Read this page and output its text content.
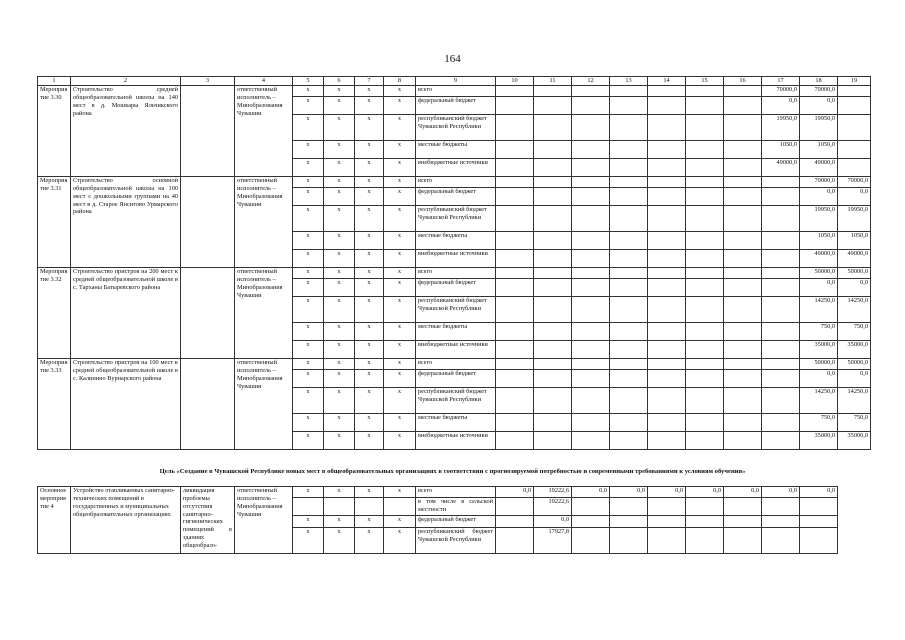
164
1	2	3	4	5	6	7	8	9	10	11	12	13	14	15	16	17	18	19
Мероприятие 3.30	Строительство средней общеобразовательной школы на 140 мест в д. Мошкары Яльчикского района		ответственный исполнитель – Минобразования Чувашии	x	x	x	x	всего								70000,0	70000,0	
				x	x	x	x	федеральный бюджет								0,0	0,0	
				x	x	x	x	республиканский бюджет Чувашской Республики								19950,0	19950,0	
				x	x	x	x	местные бюджеты								1050,0	1050,0	
				x	x	x	x	внебюджетные источники								49000,0	49000,0	
Мероприятие 3.31	Строительство основной общеобразовательной школы на 100 мест с дошкольными группами на 40 мест в д. Старое Янситово Урмарского района		ответственный исполнитель – Минобразования Чувашии	x	x	x	x	всего									70000,0	70000,0
				x	x	x	x	федеральный бюджет									0,0	0,0
				x	x	x	x	республиканский бюджет Чувашской Республики									19950,0	19950,0
				x	x	x	x	местные бюджеты									1050,0	1050,0
				x	x	x	x	внебюджетные источники									49000,0	49000,0
Мероприятие 3.32	Строительство пристроя на 200 мест к средней общеобразовательной школе в с. Тарханы Батыревского района		ответственный исполнитель – Минобразования Чувашии	x	x	x	x	всего									50000,0	50000,0
				x	x	x	x	федеральный бюджет									0,0	0,0
				x	x	x	x	республиканский бюджет Чувашской Республики									14250,0	14250,0
				x	x	x	x	местные бюджеты									750,0	750,0
				x	x	x	x	внебюджетные источники									35000,0	35000,0
Мероприятие 3.33	Строительство пристроя на 100 мест к средней общеобразовательной школе в с. Калинино Вурнарского района		ответственный исполнитель – Минобразования Чувашии	x	x	x	x	всего									50000,0	50000,0
				x	x	x	x	федеральный бюджет									0,0	0,0
				x	x	x	x	республиканский бюджет Чувашской Республики									14250,0	14250,0
				x	x	x	x	местные бюджеты									750,0	750,0
				x	x	x	x	внебюджетные источники									35000,0	35000,0
Цель «Создание в Чувашской Республике новых мест в общеобразовательных организациях в соответствии с прогнозируемой потребностью и современными требованиями к условиям обучения»
Основное мероприятие 4	Устройство отапливаемых санитарно-технических помещений в государственных и муниципальных общеобразовательных организациях	ликвидация проблемы отсутствия санитарно-гигиенических помещений в зданиях общеобразо-	ответственный исполнитель – Минобразования Чувашии	x	x	x	x	всего	0,0	19222,6	0,0	0,0	0,0	0,0	0,0	0,0	0,0
								в том числе в сельской местности		19222,6							
				x	x	x	x	федеральный бюджет		0,0							
				x	x	x	x	республиканский бюджет Чувашской Республики		17927,8							
